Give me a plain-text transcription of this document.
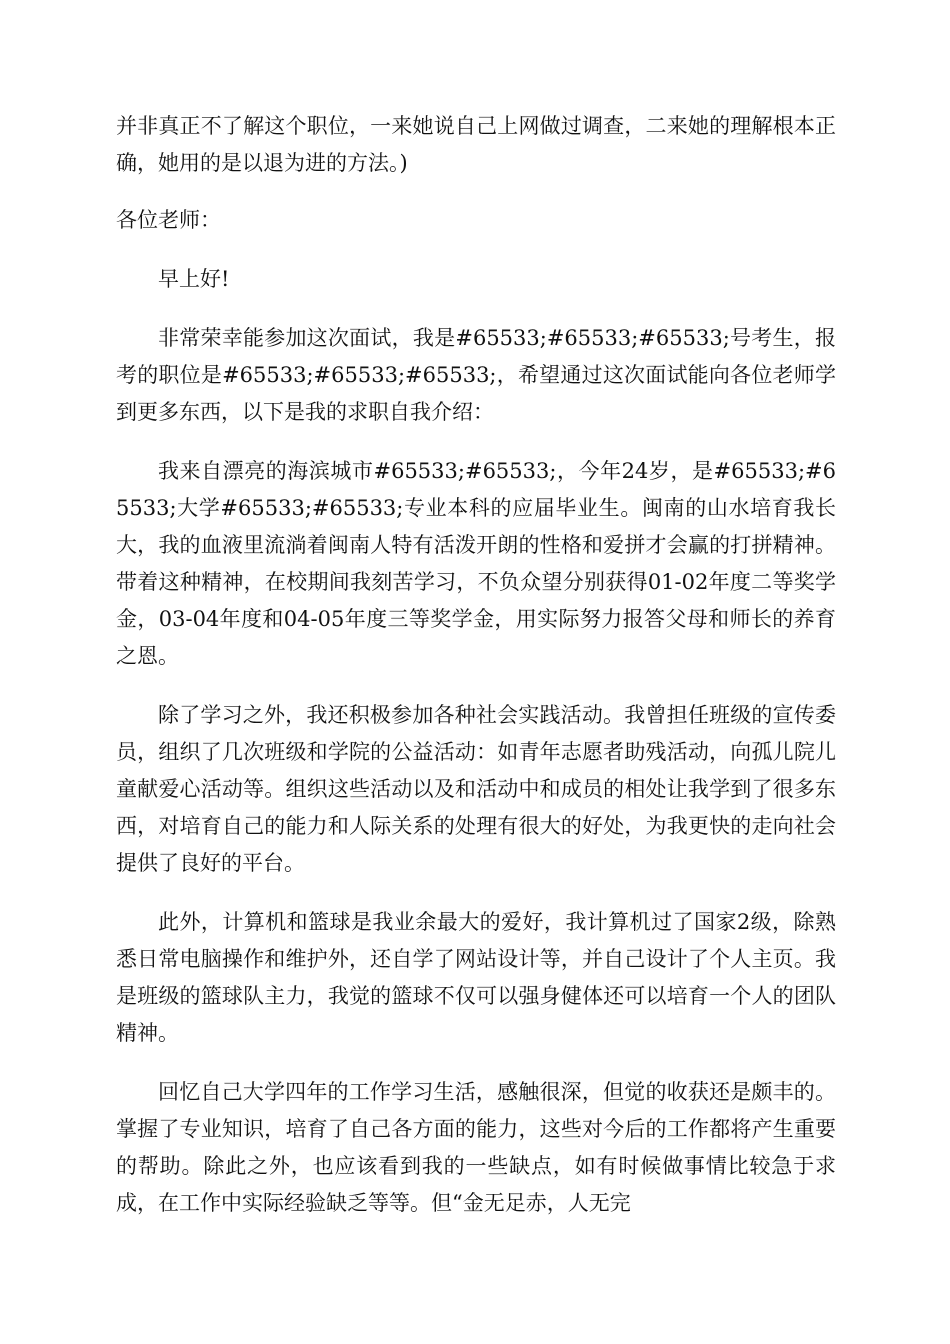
并非真正不了解这个职位，一来她说自己上网做过调查，二来她的理解根本正确，她用的是以退为进的方法。)

各位老师：

早上好!

非常荣幸能参加这次面试，我是#65533;#65533;#65533;号考生，报考的职位是#65533;#65533;#65533;，希望通过这次面试能向各位老师学到更多东西，以下是我的求职自我介绍：

我来自漂亮的海滨城市#65533;#65533;，今年24岁，是#65533;#65533;大学#65533;#65533;专业本科的应届毕业生。闽南的山水培育我长大，我的血液里流淌着闽南人特有活泼开朗的性格和爱拼才会赢的打拼精神。带着这种精神，在校期间我刻苦学习，不负众望分别获得01-02年度二等奖学金，03-04年度和04-05年度三等奖学金，用实际努力报答父母和师长的养育之恩。

除了学习之外，我还积极参加各种社会实践活动。我曾担任班级的宣传委员，组织了几次班级和学院的公益活动：如青年志愿者助残活动，向孤儿院儿童献爱心活动等。组织这些活动以及和活动中和成员的相处让我学到了很多东西，对培育自己的能力和人际关系的处理有很大的好处，为我更快的走向社会提供了良好的平台。

此外，计算机和篮球是我业余最大的爱好，我计算机过了国家2级，除熟悉日常电脑操作和维护外，还自学了网站设计等，并自己设计了个人主页。我是班级的篮球队主力，我觉的篮球不仅可以强身健体还可以培育一个人的团队精神。

回忆自己大学四年的工作学习生活，感触很深，但觉的收获还是颇丰的。掌握了专业知识，培育了自己各方面的能力，这些对今后的工作都将产生重要的帮助。除此之外，也应该看到我的一些缺点，如有时候做事情比较急于求成，在工作中实际经验缺乏等等。但“金无足赤，人无完
